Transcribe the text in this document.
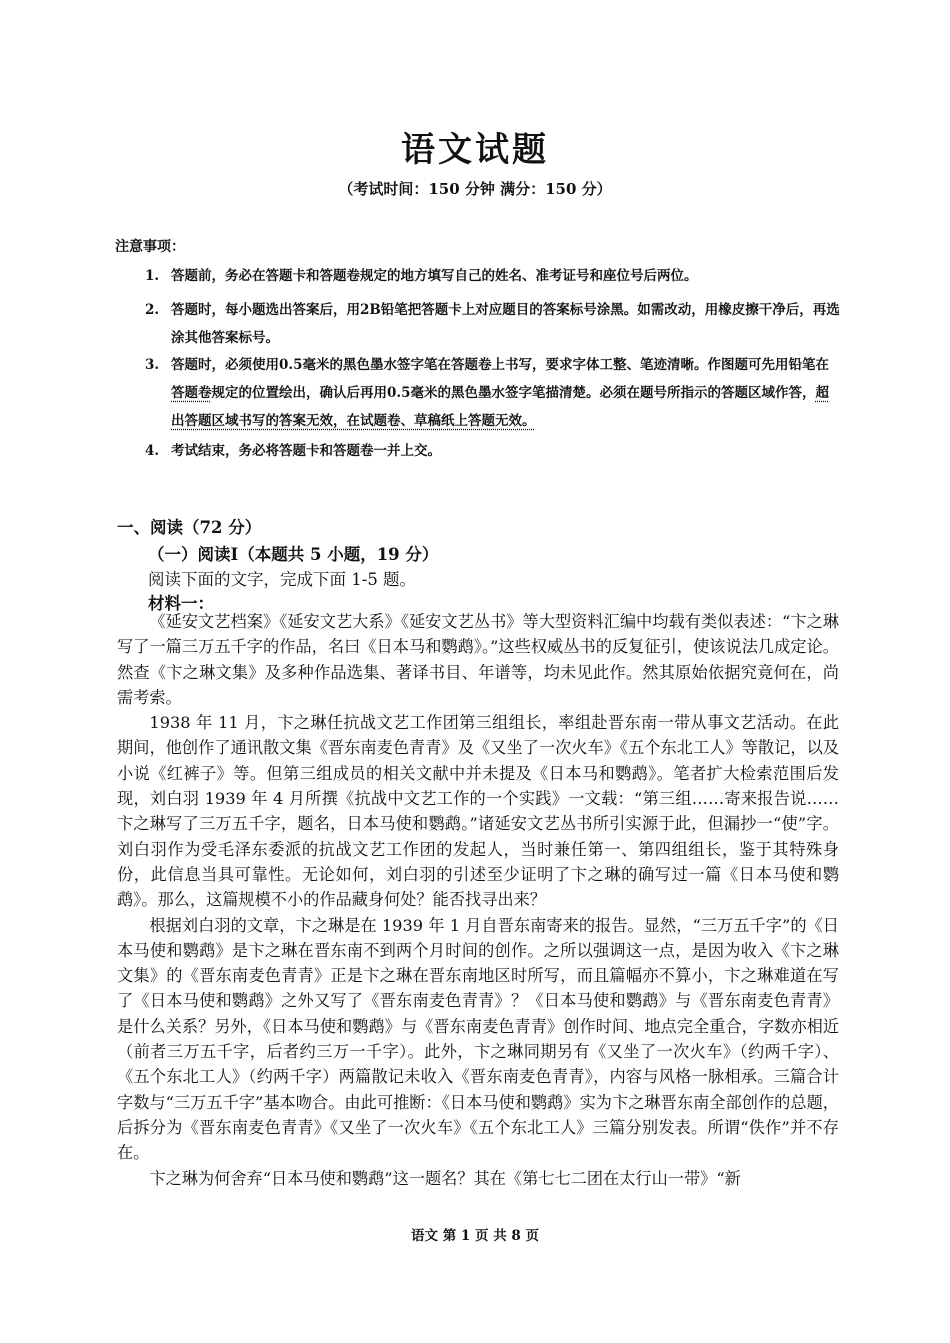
语文试题
（考试时间：150 分钟 满分：150 分）
注意事项：
1. 答题前，务必在答题卡和答题卷规定的地方填写自己的姓名、准考证号和座位号后两位。
2. 答题时，每小题选出答案后，用2B铅笔把答题卡上对应题目的答案标号涂黑。如需改动，用橡皮擦干净后，再选涂其他答案标号。
3. 答题时，必须使用0.5毫米的黑色墨水签字笔在答题卷上书写，要求字体工整、笔迹清晰。作图题可先用铅笔在答题卷规定的位置绘出，确认后再用0.5毫米的黑色墨水签字笔描清楚。必须在题号所指示的答题区域作答，超出答题区域书写的答案无效，在试题卷、草稿纸上答题无效。
4. 考试结束，务必将答题卡和答题卷一并上交。
一、阅读（72 分）
（一）阅读Ⅰ（本题共 5 小题，19 分）
阅读下面的文字，完成下面 1-5 题。
材料一：

《延安文艺档案》《延安文艺大系》《延安文艺丛书》等大型资料汇编中均载有类似表述：“卞之琳写了一篇三万五千字的作品，名曰《日本马和鹦鹉》。”这些权威丛书的反复征引，使该说法几成定论。然查《卞之琳文集》及多种作品选集、著译书目、年谱等，均未见此作。然其原始依据究竟何在，尚需考索。

1938 年 11 月，卞之琳任抗战文艺工作团第三组组长，率组赴晋东南一带从事文艺活动。在此期间，他创作了通讯散文集《晋东南麦色青青》及《又坐了一次火车》《五个东北工人》等散记，以及小说《红裤子》等。但第三组成员的相关文献中并未提及《日本马和鹦鹉》。笔者扩大检索范围后发现，刘白羽 1939 年 4 月所撰《抗战中文艺工作的一个实践》一文载：“第三组……寄来报告说……卞之琳写了三万五千字，题名，日本马使和鹦鹉。”诸延安文艺丛书所引实源于此，但漏抄一“使”字。刘白羽作为受毛泽东委派的抗战文艺工作团的发起人，当时兼任第一、第四组组长，鉴于其特殊身份，此信息当具可靠性。无论如何，刘白羽的引述至少证明了卞之琳的确写过一篇《日本马使和鹦鹉》。那么，这篇规模不小的作品藏身何处？能否找寻出来？

根据刘白羽的文章，卞之琳是在 1939 年 1 月自晋东南寄来的报告。显然，“三万五千字”的《日本马使和鹦鹉》是卞之琳在晋东南不到两个月时间的创作。之所以强调这一点，是因为收入《卞之琳文集》的《晋东南麦色青青》正是卞之琳在晋东南地区时所写，而且篇幅亦不算小，卞之琳难道在写了《日本马使和鹦鹉》之外又写了《晋东南麦色青青》？《日本马使和鹦鹉》与《晋东南麦色青青》是什么关系？另外，《日本马使和鹦鹉》与《晋东南麦色青青》创作时间、地点完全重合，字数亦相近（前者三万五千字，后者约三万一千字）。此外，卞之琳同期另有《又坐了一次火车》（约两千字）、《五个东北工人》（约两千字）两篇散记未收入《晋东南麦色青青》，内容与风格一脉相承。三篇合计字数与“三万五千字”基本吻合。由此可推断：《日本马使和鹦鹉》实为卞之琳晋东南全部创作的总题，后拆分为《晋东南麦色青青》《又坐了一次火车》《五个东北工人》三篇分别发表。所谓“佚作”并不存在。

卞之琳为何舍弃“日本马使和鹦鹉”这一题名？其在《第七七二团在太行山一带》“新

语文 第 1 页 共 8 页
